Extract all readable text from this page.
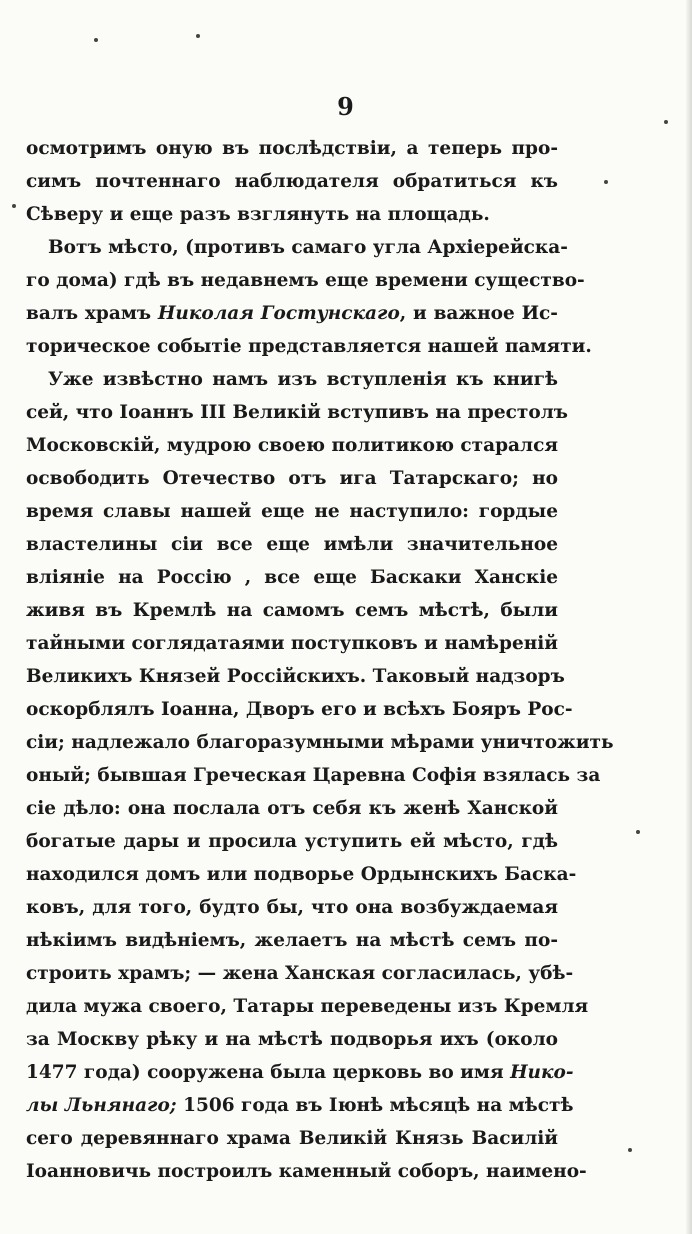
9
осмотримъ оную въ послѣдствіи, а теперь про-
симъ почтеннаго наблюдателя обратиться къ
Сѣверу и еще разъ взглянуть на площадь.
Вотъ мѣсто, (противъ самаго угла Архіерейска-
го дома) гдѣ въ недавнемъ еще времени существо-
валъ храмъ Николая Гостунскаго, и важное Ис-
торическое событіе представляется нашей памяти.
Уже извѣстно намъ изъ вступленія къ книгѣ
сей, что Іоаннъ III Великій вступивъ на престолъ
Московскій, мудрою своею политикою старался
освободить Отечество отъ ига Татарскаго; но
время славы нашей еще не наступило: гордые
властелины сіи все еще имѣли значительное
вліяніе на Россію , все еще Баскаки Ханскіе
живя въ Кремлѣ на самомъ семъ мѣстѣ, были
тайными соглядатаями поступковъ и намѣреній
Великихъ Князей Россійскихъ. Таковый надзоръ
оскорблялъ Іоанна, Дворъ его и всѣхъ Бояръ Рос-
сіи; надлежало благоразумными мѣрами уничтожить
оный; бывшая Греческая Царевна Софія взялась за
сіе дѣло: она послала отъ себя къ женѣ Ханской
богатые дары и просила уступить ей мѣсто, гдѣ
находился домъ или подворье Ордынскихъ Баска-
ковъ, для того, будто бы, что она возбуждаемая
нѣкіимъ видѣніемъ, желаетъ на мѣстѣ семъ по-
строить храмъ; — жена Ханская согласилась, убѣ-
дила мужа своего, Татары переведены изъ Кремля
за Москву рѣку и на мѣстѣ подворья ихъ (около
1477 года) сооружена была церковь во имя Нико-
лы Льнянаго; 1506 года въ Іюнѣ мѣсяцѣ на мѣстѣ
сего деревяннаго храма Великій Князь Василій
Іоанновичь построилъ каменный соборъ, наимено-
